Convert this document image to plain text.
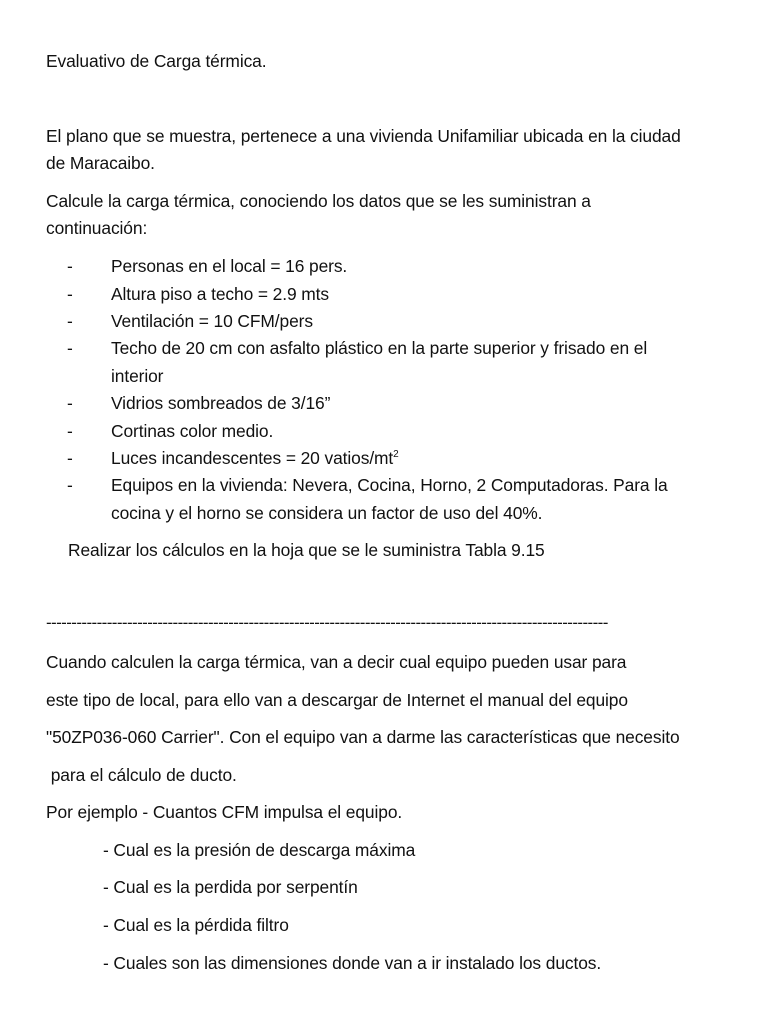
Evaluativo de Carga térmica.
El plano que se muestra, pertenece a una vivienda Unifamiliar ubicada en la ciudad
de Maracaibo.
Calcule la carga térmica, conociendo los datos que se les suministran a
continuación:
- Personas en el local = 16 pers.
- Altura piso a techo = 2.9 mts
- Ventilación = 10 CFM/pers
- Techo de 20 cm con asfalto plástico en la parte superior y frisado en el
interior
- Vidrios sombreados de 3/16”
- Cortinas color medio.
- Luces incandescentes = 20 vatios/$mt^2$
- Equipos en la vivienda: Nevera, Cocina, Horno, 2 Computadoras. Para la
cocina y el horno se considera un factor de uso del 40%.
Realizar los cálculos en la hoja que se le suministra Tabla 9.15
---------------------------------------------------------------------------------------------------------------
Cuando calculen la carga térmica, van a decir cual equipo pueden usar para
este tipo de local, para ello van a descargar de Internet el manual del equipo
"50ZP036-060 Carrier". Con el equipo van a darme las características que necesito
para el cálculo de ducto.
Por ejemplo - Cuantos CFM impulsa el equipo.
- Cual es la presión de descarga máxima
- Cual es la perdida por serpentín
- Cual es la pérdida filtro
- Cuales son las dimensiones donde van a ir instalado los ductos.
